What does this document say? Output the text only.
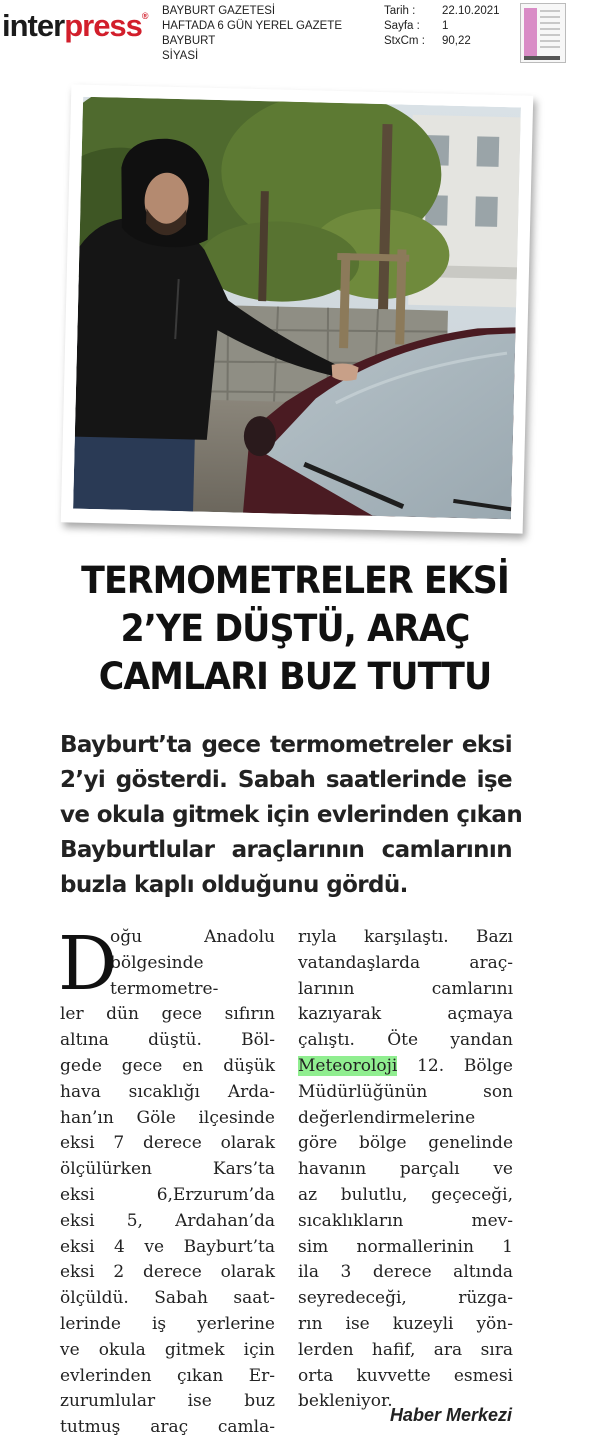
interpress® BAYBURT GAZETESİ
HAFTADA 6 GÜN YEREL GAZETE
BAYBURT
SİYASİ
Tarih :	22.10.2021
Sayfa :	1
StxCm :	90,22
TERMOMETRELER EKSİ
2’YE DÜŞTÜ, ARAÇ
CAMLARI BUZ TUTTU
Bayburt’ta gece termometreler eksi
2’yi gösterdi. Sabah saatlerinde işe
ve okula gitmek için evlerinden çıkan
Bayburtlular araçlarının camlarının
buzla kaplı olduğunu gördü.
D
oğu Anadolu
bölgesinde
termometre-
ler dün gece sıfırın
altına düştü. Böl-
gede gece en düşük
hava sıcaklığı Arda-
han’ın Göle ilçesinde
eksi 7 derece olarak
ölçülürken Kars’ta
eksi 6,Erzurum’da
eksi 5, Ardahan’da
eksi 4 ve Bayburt’ta
eksi 2 derece olarak
ölçüldü. Sabah saat-
lerinde iş yerlerine
ve okula gitmek için
evlerinden çıkan Er-
zurumlular ise buz
tutmuş araç camla-
rıyla karşılaştı. Bazı
vatandaşlarda araç-
larının camlarını
kazıyarak açmaya
çalıştı. Öte yandan
Meteoroloji 12. Bölge
Müdürlüğünün son
değerlendirmelerine
göre bölge genelinde
havanın parçalı ve
az bulutlu, geçeceği,
sıcaklıkların mev-
sim normallerinin 1
ila 3 derece altında
seyredeceği, rüzga-
rın ise kuzeyli yön-
lerden hafif, ara sıra
orta kuvvette esmesi
bekleniyor.
Haber Merkezi
